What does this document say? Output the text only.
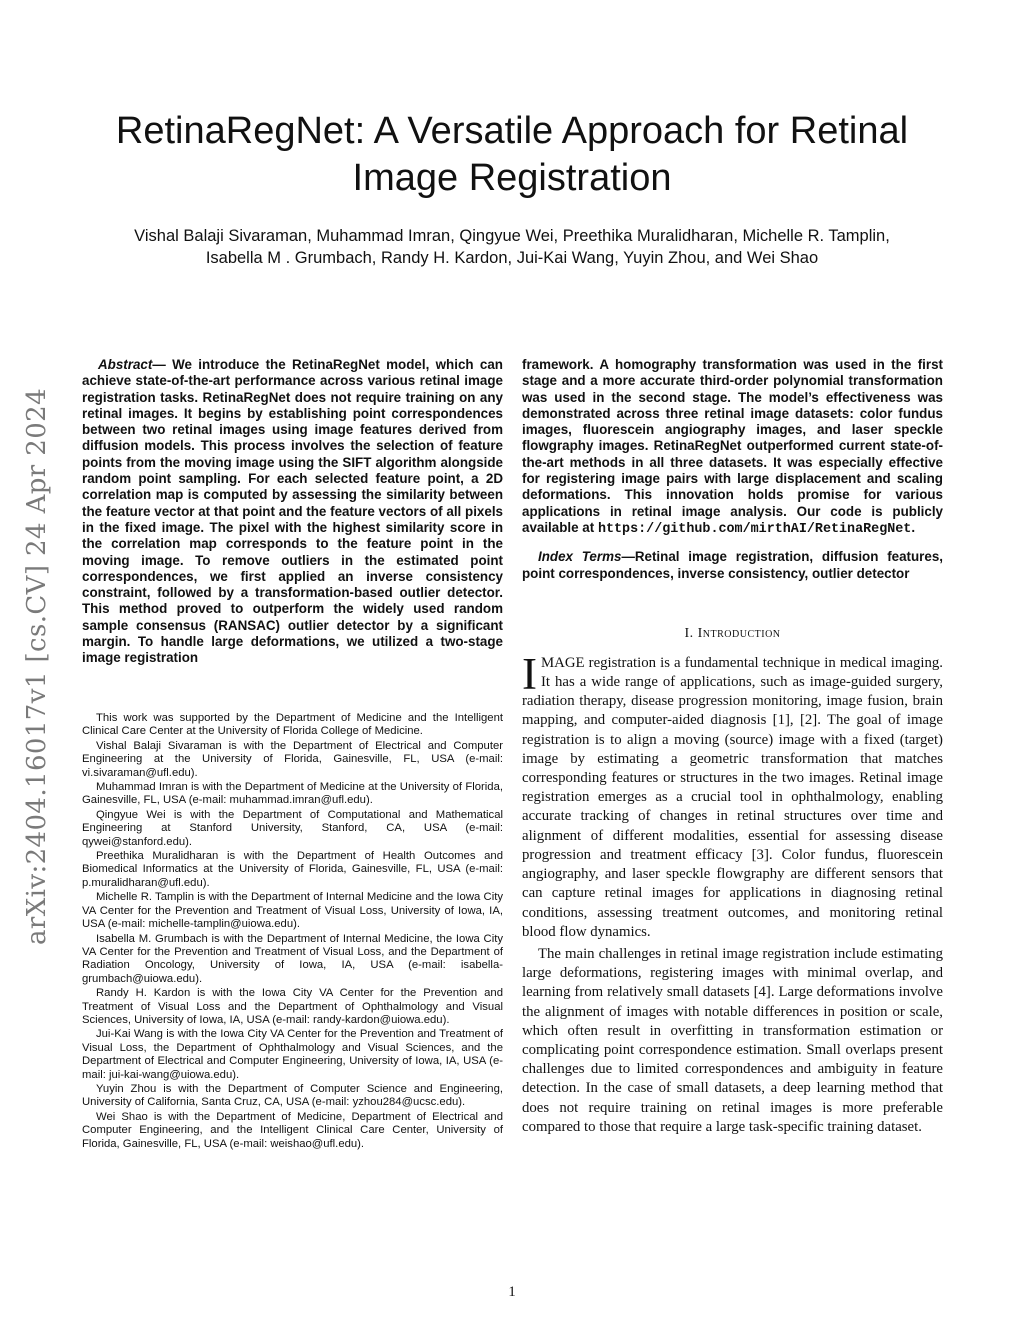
arXiv:2404.16017v1 [cs.CV] 24 Apr 2024
RetinaRegNet: A Versatile Approach for Retinal
Image Registration
Vishal Balaji Sivaraman, Muhammad Imran, Qingyue Wei, Preethika Muralidharan, Michelle R. Tamplin,
Isabella M . Grumbach, Randy H. Kardon, Jui-Kai Wang, Yuyin Zhou, and Wei Shao

Abstract— We introduce the RetinaRegNet model, which can achieve state-of-the-art performance across various retinal image registration tasks. RetinaRegNet does not require training on any retinal images. It begins by establishing point correspondences between two retinal images using image features derived from diffusion models. This process involves the selection of feature points from the moving image using the SIFT algorithm alongside random point sampling. For each selected feature point, a 2D correlation map is computed by assessing the similarity between the feature vector at that point and the feature vectors of all pixels in the fixed image. The pixel with the highest similarity score in the correlation map corresponds to the feature point in the moving image. To remove outliers in the estimated point correspondences, we first applied an inverse consistency constraint, followed by a transformation-based outlier detector. This method proved to outperform the widely used random sample consensus (RANSAC) outlier detector by a significant margin. To handle large deformations, we utilized a two-stage image registration

This work was supported by the Department of Medicine and the Intelligent Clinical Care Center at the University of Florida College of Medicine.

Vishal Balaji Sivaraman is with the Department of Electrical and Computer Engineering at the University of Florida, Gainesville, FL, USA (e-mail: vi.sivaraman@ufl.edu).

Muhammad Imran is with the Department of Medicine at the University of Florida, Gainesville, FL, USA (e-mail: muhammad.imran@ufl.edu).

Qingyue Wei is with the Department of Computational and Mathematical Engineering at Stanford University, Stanford, CA, USA (e-mail: qywei@stanford.edu).

Preethika Muralidharan is with the Department of Health Outcomes and Biomedical Informatics at the University of Florida, Gainesville, FL, USA (e-mail: p.muralidharan@ufl.edu).

Michelle R. Tamplin is with the Department of Internal Medicine and the Iowa City VA Center for the Prevention and Treatment of Visual Loss, University of Iowa, IA, USA (e-mail: michelle-tamplin@uiowa.edu).

Isabella M. Grumbach is with the Department of Internal Medicine, the Iowa City VA Center for the Prevention and Treatment of Visual Loss, and the Department of Radiation Oncology, University of Iowa, IA, USA (e-mail: isabella-grumbach@uiowa.edu).

Randy H. Kardon is with the Iowa City VA Center for the Prevention and Treatment of Visual Loss and the Department of Ophthalmology and Visual Sciences, University of Iowa, IA, USA (e-mail: randy-kardon@uiowa.edu).

Jui-Kai Wang is with the Iowa City VA Center for the Prevention and Treatment of Visual Loss, the Department of Ophthalmology and Visual Sciences, and the Department of Electrical and Computer Engineering, University of Iowa, IA, USA (e-mail: jui-kai-wang@uiowa.edu).

Yuyin Zhou is with the Department of Computer Science and Engineering, University of California, Santa Cruz, CA, USA (e-mail: yzhou284@ucsc.edu).

Wei Shao is with the Department of Medicine, Department of Electrical and Computer Engineering, and the Intelligent Clinical Care Center, University of Florida, Gainesville, FL, USA (e-mail: weishao@ufl.edu).

framework. A homography transformation was used in the first stage and a more accurate third-order polynomial transformation was used in the second stage. The model’s effectiveness was demonstrated across three retinal image datasets: color fundus images, fluorescein angiography images, and laser speckle flowgraphy images. RetinaRegNet outperformed current state-of-the-art methods in all three datasets. It was especially effective for registering image pairs with large displacement and scaling deformations. This innovation holds promise for various applications in retinal image analysis. Our code is publicly available at https://github.com/mirthAI/RetinaRegNet.

Index Terms—Retinal image registration, diffusion features, point correspondences, inverse consistency, outlier detector

I. Introduction

IMAGE registration is a fundamental technique in medical imaging. It has a wide range of applications, such as image-guided surgery, radiation therapy, disease progression monitoring, image fusion, brain mapping, and computer-aided diagnosis [1], [2]. The goal of image registration is to align a moving (source) image with a fixed (target) image by estimating a geometric transformation that matches corresponding features or structures in the two images. Retinal image registration emerges as a crucial tool in ophthalmology, enabling accurate tracking of changes in retinal structures over time and alignment of different modalities, essential for assessing disease progression and treatment efficacy [3]. Color fundus, fluorescein angiography, and laser speckle flowgraphy are different sensors that can capture retinal images for applications in diagnosing retinal conditions, assessing treatment outcomes, and monitoring retinal blood flow dynamics.

The main challenges in retinal image registration include estimating large deformations, registering images with minimal overlap, and learning from relatively small datasets [4]. Large deformations involve the alignment of images with notable differences in position or scale, which often result in overfitting in transformation estimation or complicating point correspondence estimation. Small overlaps present challenges due to limited correspondences and ambiguity in feature detection. In the case of small datasets, a deep learning method that does not require training on retinal images is more preferable compared to those that require a large task-specific training dataset.

1
